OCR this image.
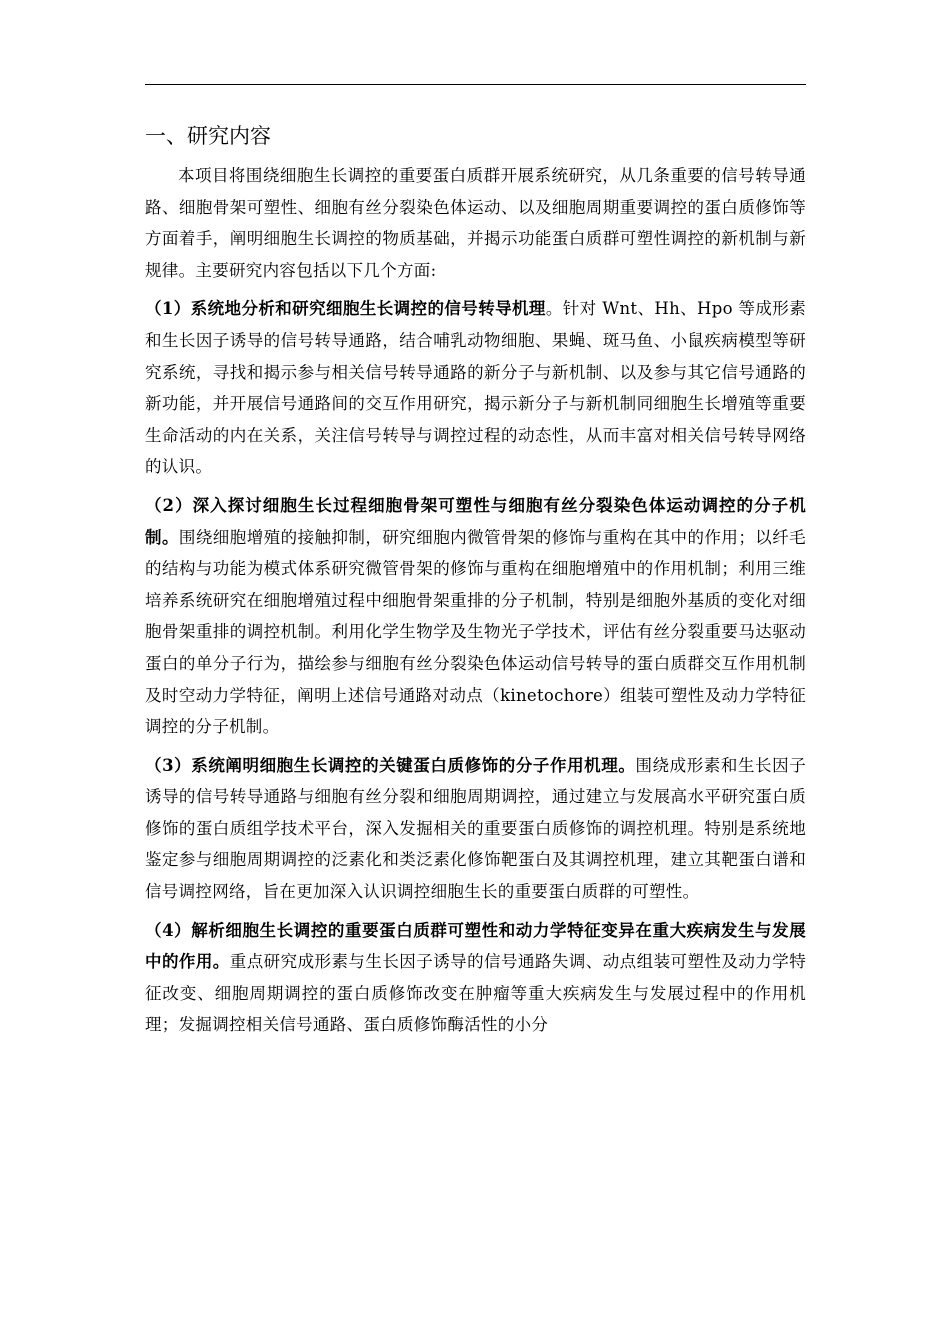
一、研究内容

本项目将围绕细胞生长调控的重要蛋白质群开展系统研究，从几条重要的信号转导通路、细胞骨架可塑性、细胞有丝分裂染色体运动、以及细胞周期重要调控的蛋白质修饰等方面着手，阐明细胞生长调控的物质基础，并揭示功能蛋白质群可塑性调控的新机制与新规律。主要研究内容包括以下几个方面:

（1）系统地分析和研究细胞生长调控的信号转导机理。针对 Wnt、Hh、Hpo 等成形素和生长因子诱导的信号转导通路，结合哺乳动物细胞、果蝇、斑马鱼、小鼠疾病模型等研究系统，寻找和揭示参与相关信号转导通路的新分子与新机制、以及参与其它信号通路的新功能，并开展信号通路间的交互作用研究，揭示新分子与新机制同细胞生长增殖等重要生命活动的内在关系，关注信号转导与调控过程的动态性，从而丰富对相关信号转导网络的认识。

（2）深入探讨细胞生长过程细胞骨架可塑性与细胞有丝分裂染色体运动调控的分子机制。围绕细胞增殖的接触抑制，研究细胞内微管骨架的修饰与重构在其中的作用；以纤毛的结构与功能为模式体系研究微管骨架的修饰与重构在细胞增殖中的作用机制；利用三维培养系统研究在细胞增殖过程中细胞骨架重排的分子机制，特别是细胞外基质的变化对细胞骨架重排的调控机制。利用化学生物学及生物光子学技术，评估有丝分裂重要马达驱动蛋白的单分子行为，描绘参与细胞有丝分裂染色体运动信号转导的蛋白质群交互作用机制及时空动力学特征，阐明上述信号通路对动点（kinetochore）组装可塑性及动力学特征调控的分子机制。

（3）系统阐明细胞生长调控的关键蛋白质修饰的分子作用机理。围绕成形素和生长因子诱导的信号转导通路与细胞有丝分裂和细胞周期调控，通过建立与发展高水平研究蛋白质修饰的蛋白质组学技术平台，深入发掘相关的重要蛋白质修饰的调控机理。特别是系统地鉴定参与细胞周期调控的泛素化和类泛素化修饰靶蛋白及其调控机理，建立其靶蛋白谱和信号调控网络，旨在更加深入认识调控细胞生长的重要蛋白质群的可塑性。

（4）解析细胞生长调控的重要蛋白质群可塑性和动力学特征变异在重大疾病发生与发展中的作用。重点研究成形素与生长因子诱导的信号通路失调、动点组装可塑性及动力学特征改变、细胞周期调控的蛋白质修饰改变在肿瘤等重大疾病发生与发展过程中的作用机理；发掘调控相关信号通路、蛋白质修饰酶活性的小分
